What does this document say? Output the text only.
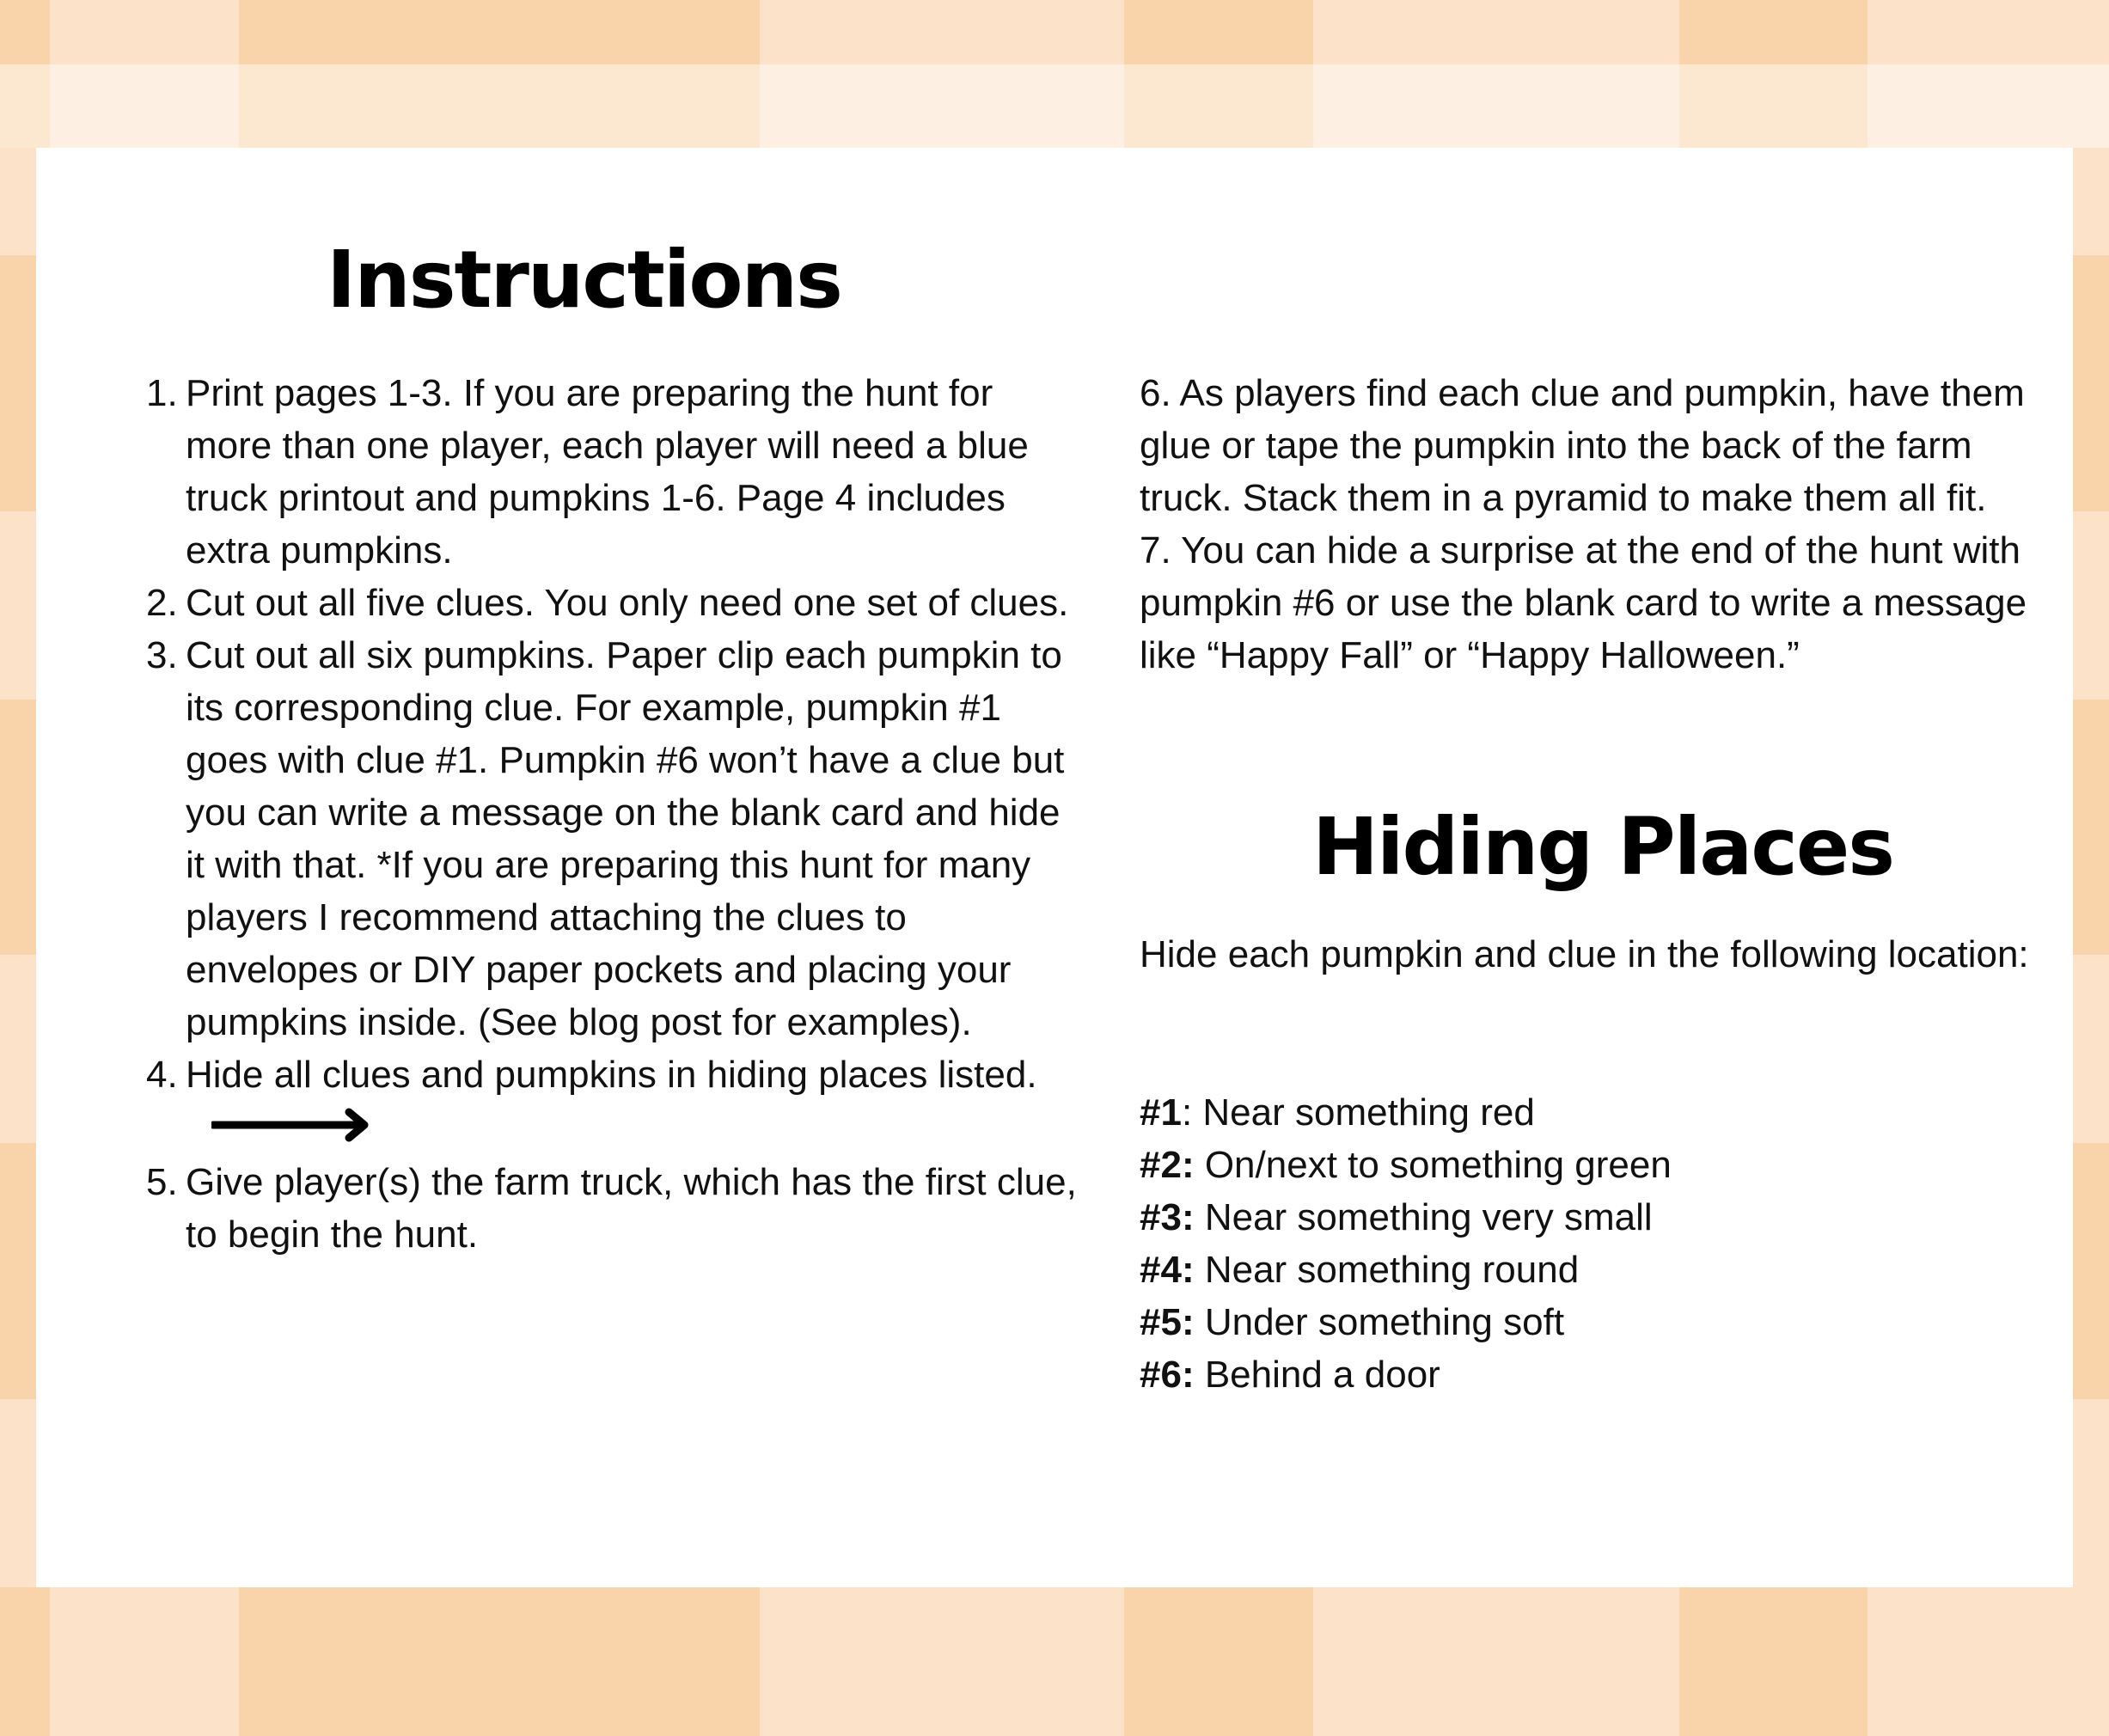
Instructions
1. Print pages 1-3. If you are preparing the hunt for more than one player, each player will need a blue truck printout and pumpkins 1-6. Page 4 includes extra pumpkins.
2. Cut out all five clues. You only need one set of clues.
3. Cut out all six pumpkins. Paper clip each pumpkin to its corresponding clue. For example, pumpkin #1 goes with clue #1. Pumpkin #6 won’t have a clue but you can write a message on the blank card and hide it with that. *If you are preparing this hunt for many players I recommend attaching the clues to envelopes or DIY paper pockets and placing your pumpkins inside. (See blog post for examples).
4. Hide all clues and pumpkins in hiding places listed.
5. Give player(s) the farm truck, which has the first clue, to begin the hunt.
6. As players find each clue and pumpkin, have them glue or tape the pumpkin into the back of the farm truck. Stack them in a pyramid to make them all fit.
7. You can hide a surprise at the end of the hunt with pumpkin #6 or use the blank card to write a message like “Happy Fall” or “Happy Halloween.”
Hiding Places

Hide each pumpkin and clue in the following location:

#1: Near something red
#2: On/next to something green
#3: Near something very small
#4: Near something round
#5: Under something soft
#6: Behind a door
